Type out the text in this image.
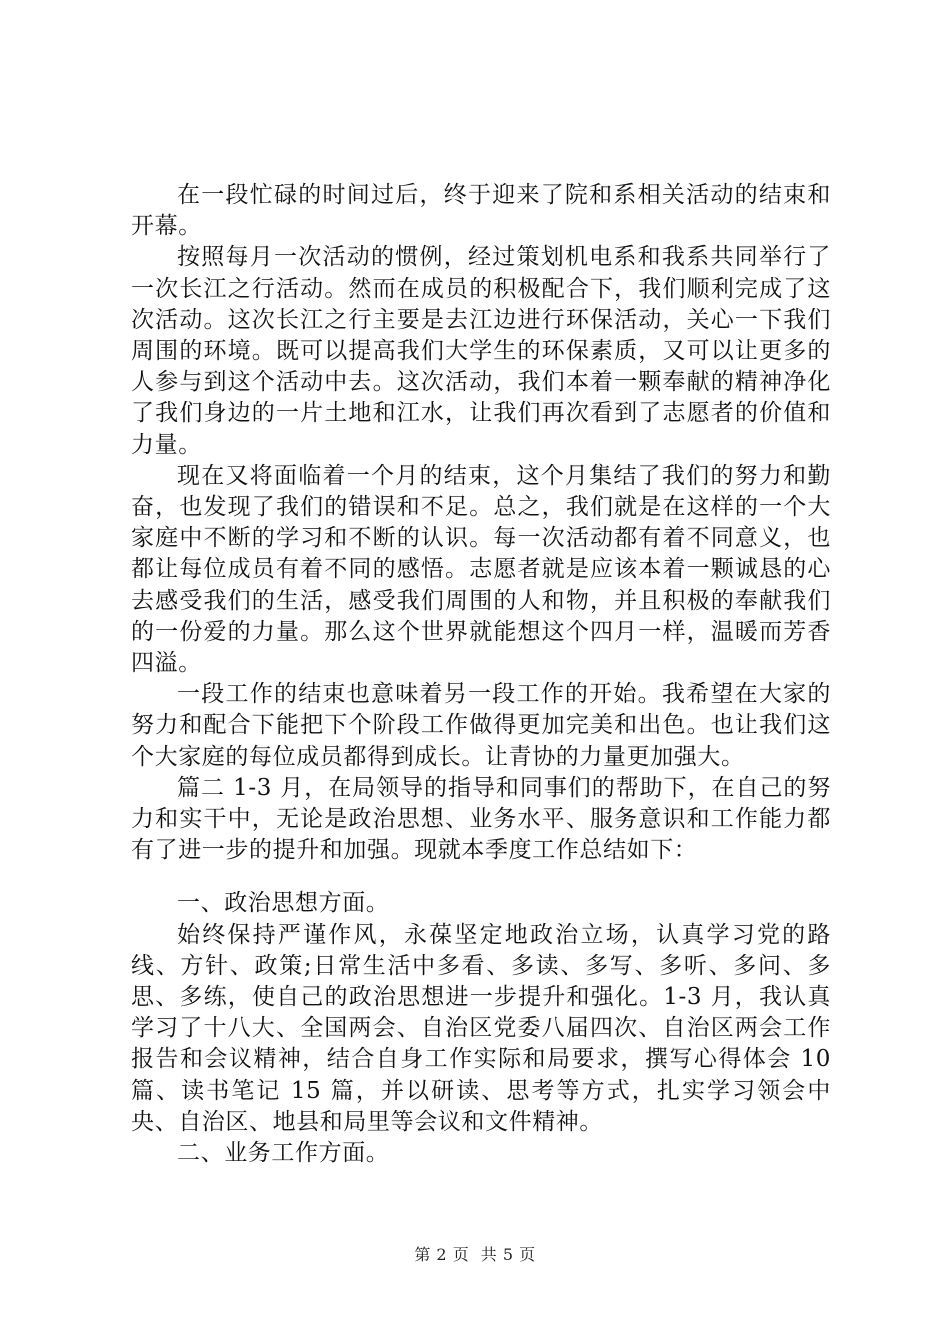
在一段忙碌的时间过后，终于迎来了院和系相关活动的结束和开幕。

按照每月一次活动的惯例，经过策划机电系和我系共同举行了一次长江之行活动。然而在成员的积极配合下，我们顺利完成了这次活动。这次长江之行主要是去江边进行环保活动，关心一下我们周围的环境。既可以提高我们大学生的环保素质，又可以让更多的人参与到这个活动中去。这次活动，我们本着一颗奉献的精神净化了我们身边的一片土地和江水，让我们再次看到了志愿者的价值和力量。

现在又将面临着一个月的结束，这个月集结了我们的努力和勤奋，也发现了我们的错误和不足。总之，我们就是在这样的一个大家庭中不断的学习和不断的认识。每一次活动都有着不同意义，也都让每位成员有着不同的感悟。志愿者就是应该本着一颗诚恳的心去感受我们的生活，感受我们周围的人和物，并且积极的奉献我们的一份爱的力量。那么这个世界就能想这个四月一样，温暖而芳香四溢。

一段工作的结束也意味着另一段工作的开始。我希望在大家的努力和配合下能把下个阶段工作做得更加完美和出色。也让我们这个大家庭的每位成员都得到成长。让青协的力量更加强大。

篇二 1-3 月，在局领导的指导和同事们的帮助下，在自己的努力和实干中，无论是政治思想、业务水平、服务意识和工作能力都有了进一步的提升和加强。现就本季度工作总结如下：

一、政治思想方面。

始终保持严谨作风，永葆坚定地政治立场，认真学习党的路线、方针、政策;日常生活中多看、多读、多写、多听、多问、多思、多练，使自己的政治思想进一步提升和强化。1-3 月，我认真学习了十八大、全国两会、自治区党委八届四次、自治区两会工作报告和会议精神，结合自身工作实际和局要求，撰写心得体会 10 篇、读书笔记 15 篇，并以研读、思考等方式，扎实学习领会中央、自治区、地县和局里等会议和文件精神。

二、业务工作方面。

第 2 页 共 5 页
